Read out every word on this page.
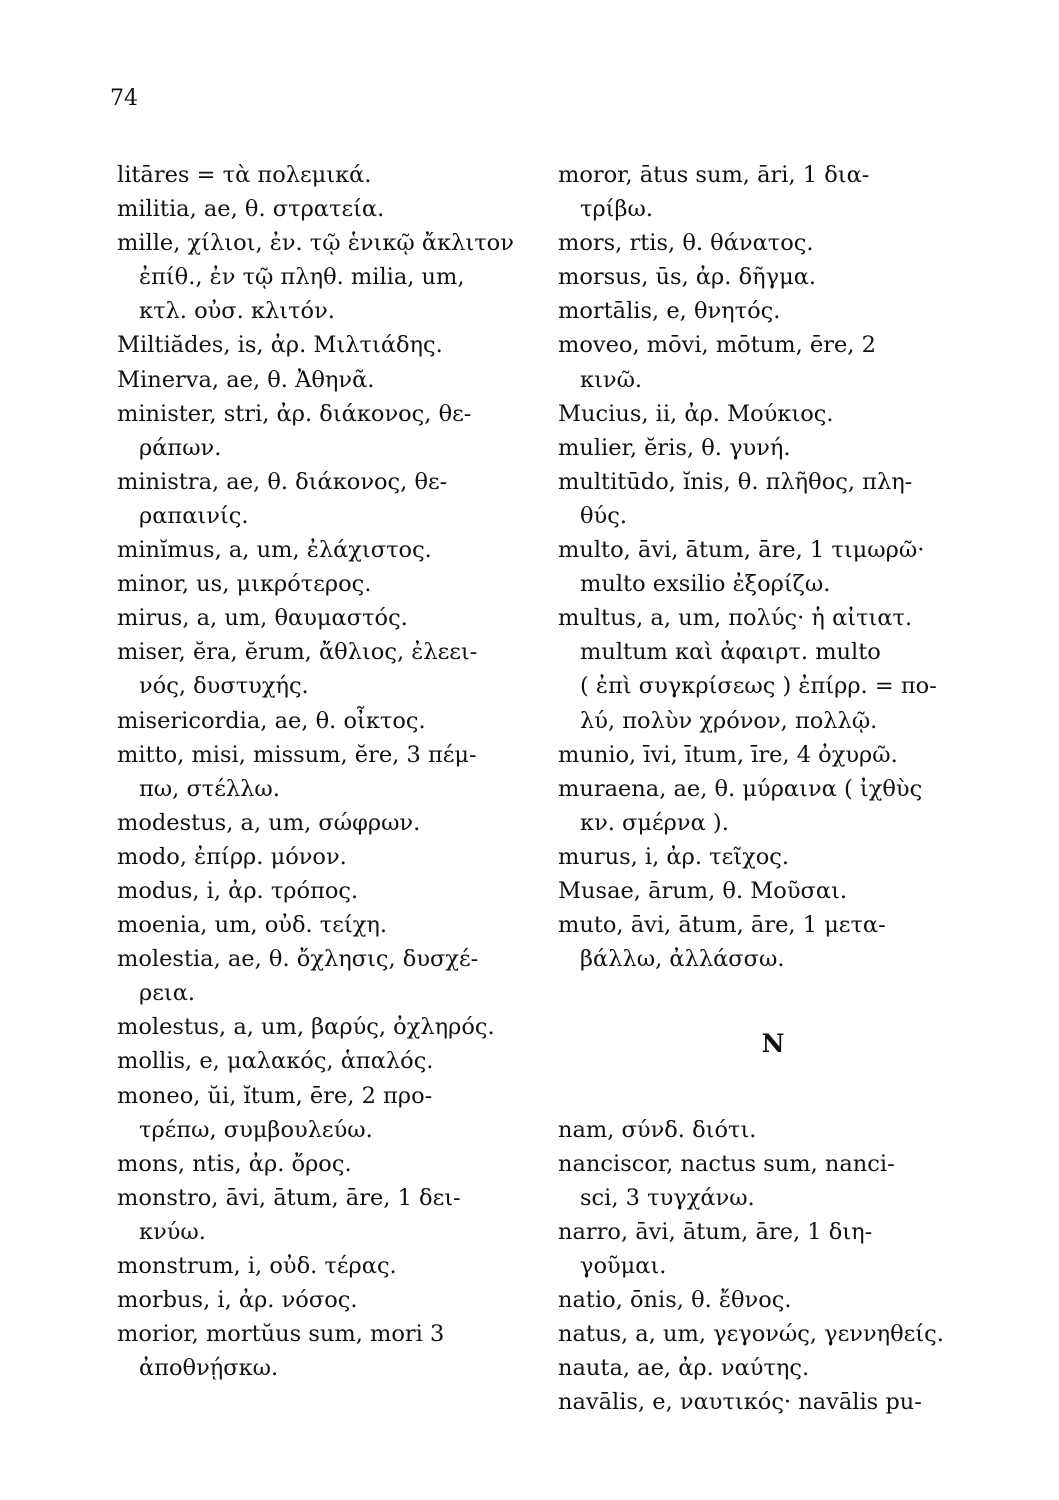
74
litāres = τὰ πολεμικά.
militia, ae, θ. στρατεία.
mille, χίλιοι, ἐν. τῷ ἑνικῷ ἄκλιτον
ἐπίθ., ἐν τῷ πληθ. milia, um,
κτλ. οὐσ. κλιτόν.
Miltiădes, is, ἀρ. Μιλτιάδης.
Minerva, ae, θ. Ἀθηνᾶ.
minister, stri, ἀρ. διάκονος, θε-
ράπων.
ministra, ae, θ. διάκονος, θε-
ραπαινίς.
minĭmus, a, um, ἐλάχιστος.
minor, us, μικρότερος.
mirus, a, um, θαυμαστός.
miser, ĕra, ĕrum, ἄθλιος, ἐλεει-
νός, δυστυχής.
misericordia, ae, θ. οἶκτος.
mitto, misi, missum, ĕre, 3 πέμ-
πω, στέλλω.
modestus, a, um, σώφρων.
modo, ἐπίρρ. μόνον.
modus, i, ἀρ. τρόπος.
moenia, um, οὐδ. τείχη.
molestia, ae, θ. ὄχλησις, δυσχέ-
ρεια.
molestus, a, um, βαρύς, ὀχληρός.
mollis, e, μαλακός, ἁπαλός.
moneo, ŭi, ĭtum, ēre, 2 προ-
τρέπω, συμβουλεύω.
mons, ntis, ἀρ. ὄρος.
monstro, āvi, ātum, āre, 1 δει-
κνύω.
monstrum, i, οὐδ. τέρας.
morbus, i, ἀρ. νόσος.
morior, mortŭus sum, mori 3
ἀποθνῄσκω.
moror, ātus sum, āri, 1 δια-
τρίβω.
mors, rtis, θ. θάνατος.
morsus, ūs, ἀρ. δῆγμα.
mortālis, e, θνητός.
moveo, mōvi, mōtum, ēre, 2
κινῶ.
Mucius, ii, ἀρ. Μούκιος.
mulier, ĕris, θ. γυνή.
multitūdo, ĭnis, θ. πλῆθος, πλη-
θύς.
multo, āvi, ātum, āre, 1 τιμωρῶ·
multo exsilio ἐξορίζω.
multus, a, um, πολύς· ἡ αἰτιατ.
multum καὶ ἀφαιρτ. multo
( ἐπὶ συγκρίσεως ) ἐπίρρ. = πο-
λύ, πολὺν χρόνον, πολλῷ.
munio, īvi, ītum, īre, 4 ὀχυρῶ.
muraena, ae, θ. μύραινα ( ἰχθὺς
κν. σμέρνα ).
murus, i, ἀρ. τεῖχος.
Musae, ārum, θ. Μοῦσαι.
muto, āvi, ātum, āre, 1 μετα-
βάλλω, ἀλλάσσω.
N
nam, σύνδ. διότι.
nanciscor, nactus sum, nanci-
sci, 3 τυγχάνω.
narro, āvi, ātum, āre, 1 διη-
γοῦμαι.
natio, ōnis, θ. ἔθνος.
natus, a, um, γεγονώς, γεννηθείς.
nauta, ae, ἀρ. ναύτης.
navālis, e, ναυτικός· navālis pu-
